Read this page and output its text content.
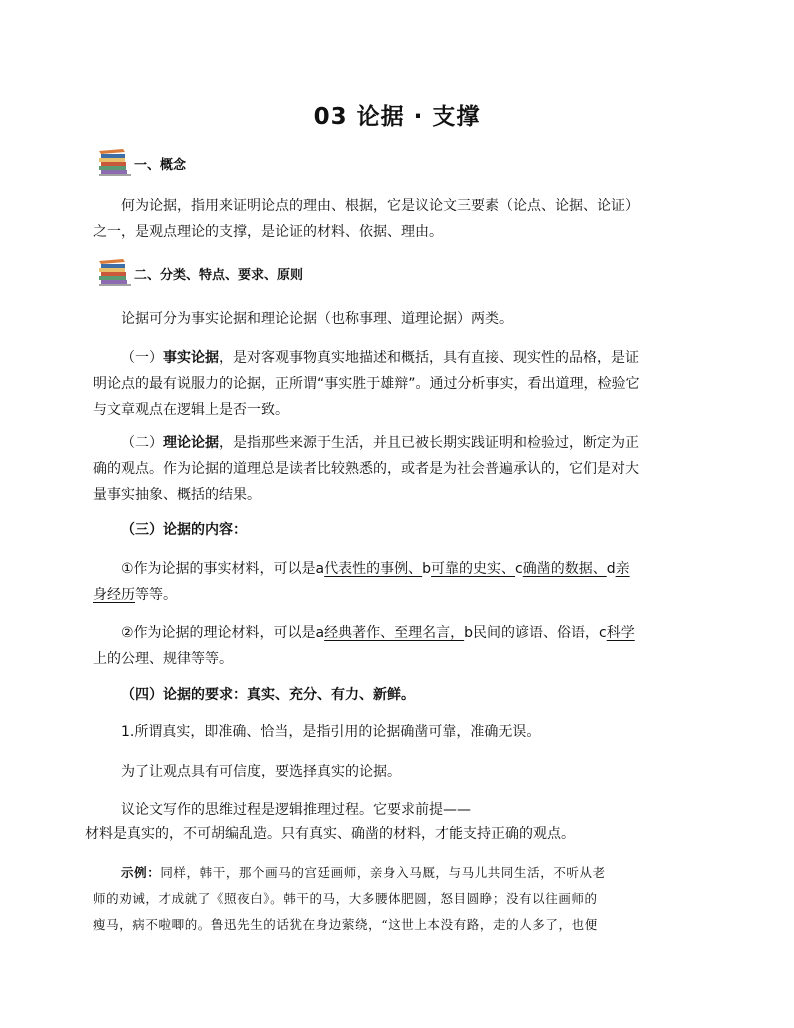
03 论据 · 支撑
一、概念

何为论据，指用来证明论点的理由、根据，它是议论文三要素（论点、论据、论证）

之一，是观点理论的支撑，是论证的材料、依据、理由。

二、分类、特点、要求、原则

论据可分为事实论据和理论论据（也称事理、道理论据）两类。

（一）事实论据，是对客观事物真实地描述和概括，具有直接、现实性的品格，是证

明论点的最有说服力的论据，正所谓“事实胜于雄辩”。通过分析事实，看出道理，检验它

与文章观点在逻辑上是否一致。

（二）理论论据，是指那些来源于生活，并且已被长期实践证明和检验过，断定为正

确的观点。作为论据的道理总是读者比较熟悉的，或者是为社会普遍承认的，它们是对大

量事实抽象、概括的结果。

（三）论据的内容：

①作为论据的事实材料，可以是a代表性的事例、b可靠的史实、c确凿的数据、d亲

身经历等等。

②作为论据的理论材料，可以是a经典著作、至理名言，b民间的谚语、俗语，c科学

上的公理、规律等等。

（四）论据的要求：真实、充分、有力、新鲜。

1.所谓真实，即准确、恰当，是指引用的论据确凿可靠，准确无误。

为了让观点具有可信度，要选择真实的论据。

议论文写作的思维过程是逻辑推理过程。它要求前提——

材料是真实的，不可胡编乱造。只有真实、确凿的材料，才能支持正确的观点。

示例：同样，韩干，那个画马的宫廷画师，亲身入马厩，与马儿共同生活，不听从老

师的劝诫，才成就了《照夜白》。韩干的马，大多腰体肥圆，怒目圆睁；没有以往画师的

瘦马，病不啦唧的。鲁迅先生的话犹在身边萦绕，“这世上本没有路，走的人多了，也便
